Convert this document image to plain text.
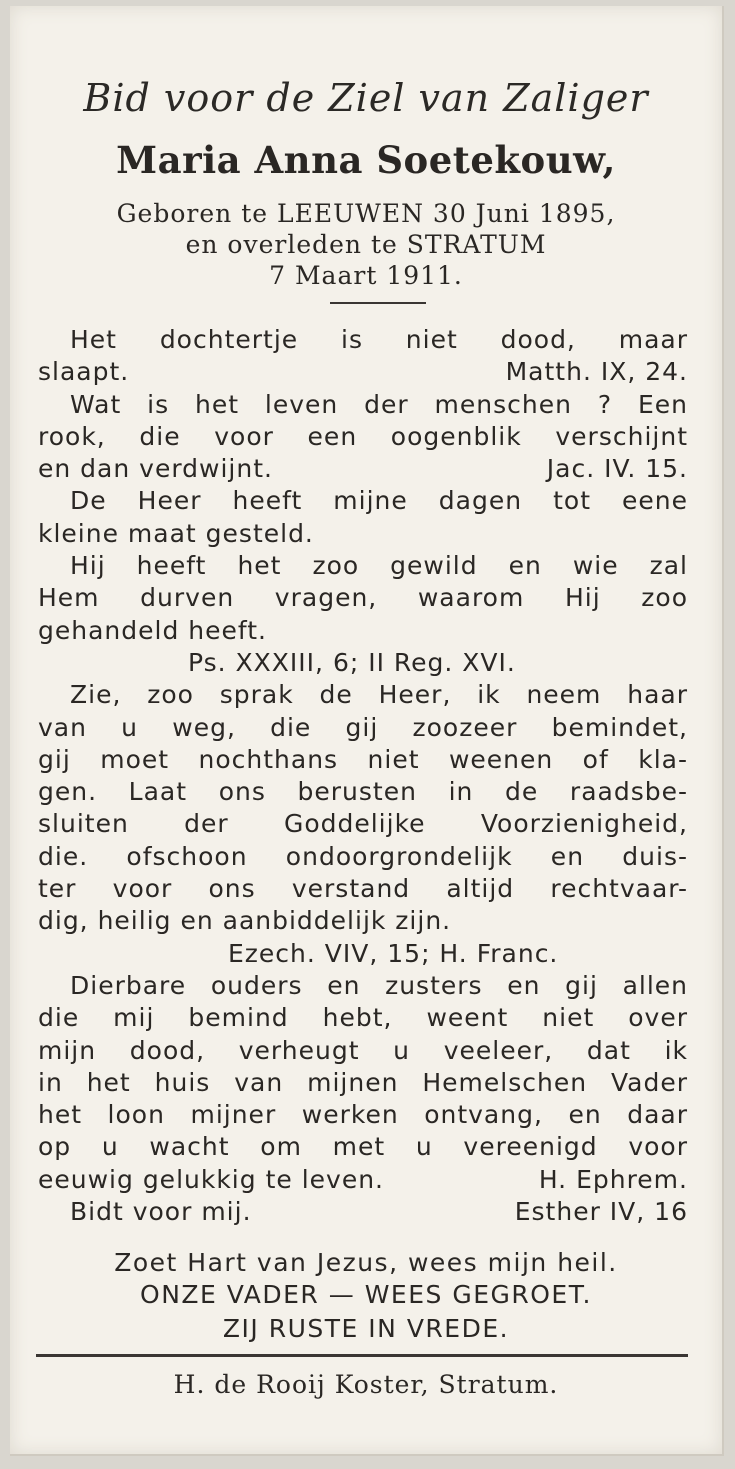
Bid voor de Ziel van Zaliger
Maria Anna Soetekouw,
Geboren te LEEUWEN 30 Juni 1895,
en overleden te STRATUM
7 Maart 1911.
Het dochtertje is niet dood, maar
slaapt.	Matth. IX, 24.
Wat is het leven der menschen ? Een
rook, die voor een oogenblik verschijnt
en dan verdwijnt.	Jac. IV. 15.
De Heer heeft mijne dagen tot eene
kleine maat gesteld.
Hij heeft het zoo gewild en wie zal
Hem durven vragen, waarom Hij zoo
gehandeld heeft.
Ps. XXXIII, 6; II Reg. XVI.
Zie, zoo sprak de Heer, ik neem haar
van u weg, die gij zoozeer bemindet,
gij moet nochthans niet weenen of kla-
gen. Laat ons berusten in de raadsbe-
sluiten der Goddelijke Voorzienigheid,
die. ofschoon ondoorgrondelijk en duis-
ter voor ons verstand altijd rechtvaar-
dig, heilig en aanbiddelijk zijn.
Ezech. VIV, 15; H. Franc.
Dierbare ouders en zusters en gij allen
die mij bemind hebt, weent niet over
mijn dood, verheugt u veeleer, dat ik
in het huis van mijnen Hemelschen Vader
het loon mijner werken ontvang, en daar
op u wacht om met u vereenigd voor
eeuwig gelukkig te leven.	H. Ephrem.
Bidt voor mij.	Esther IV, 16
Zoet Hart van Jezus, wees mijn heil.
ONZE VADER — WEES GEGROET.
ZIJ RUSTE IN VREDE.
H. de Rooij Koster, Stratum.
